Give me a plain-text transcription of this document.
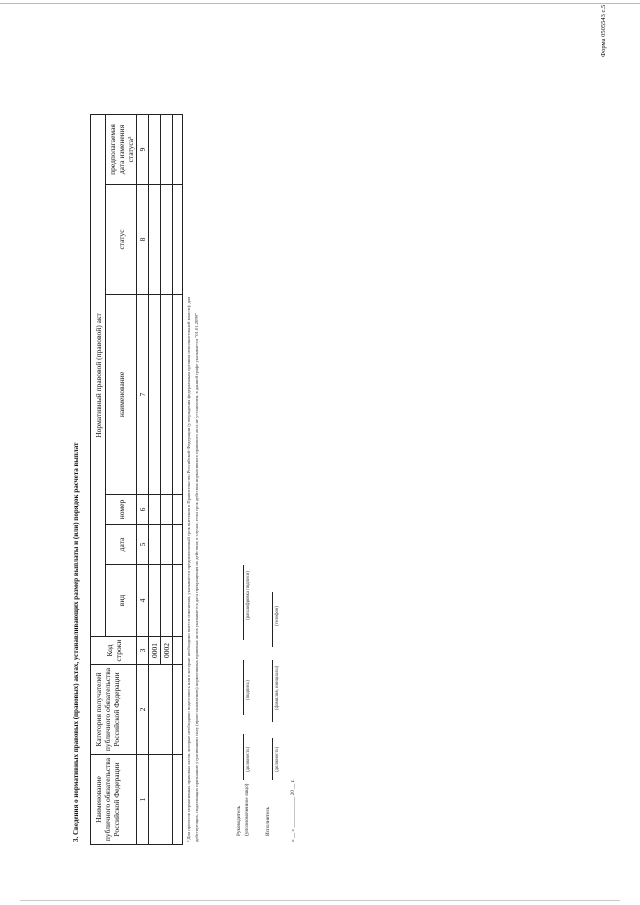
Форма 0505543 с.5
3. Сведения о нормативных правовых (правовых) актах, устанавливающих размер выплаты и (или) порядок расчета выплат Наименование публичного обязательства Российской Федерации	Категория получателей публичного обязательства Российской Федерации	Код строки	Нормативный правовой (правовой) акт					
			вид	дата	номер	наименование	статус	предполагаемая дата изменения статуса³
1	2	3	4	5	6	7	8	9
		0001						
		0002						
									³ Для проектов нормативных правовых актов, которые необходимо подготовить или в которые необходимо внести изменения, указывается предполагаемый срок внесения в Правительство Российской Федерации (утверждения федеральным органом исполнительной власти); для действующих, подлежащих признанию утратившими силу (приостановлению) нормативных правовых актов указывается дата прекращения их действия; в случае, если срок действия нормативного правового акта не установлен, в данной графе указывается "01.01.2099"	Руководитель (уполномоченное лицо)
(должность)
(подпись)
(расшифровка подписи)
Исполнитель
(должность)
(фамилия, инициалы)
(телефон)
« __ » ____________ 20 __ г.
